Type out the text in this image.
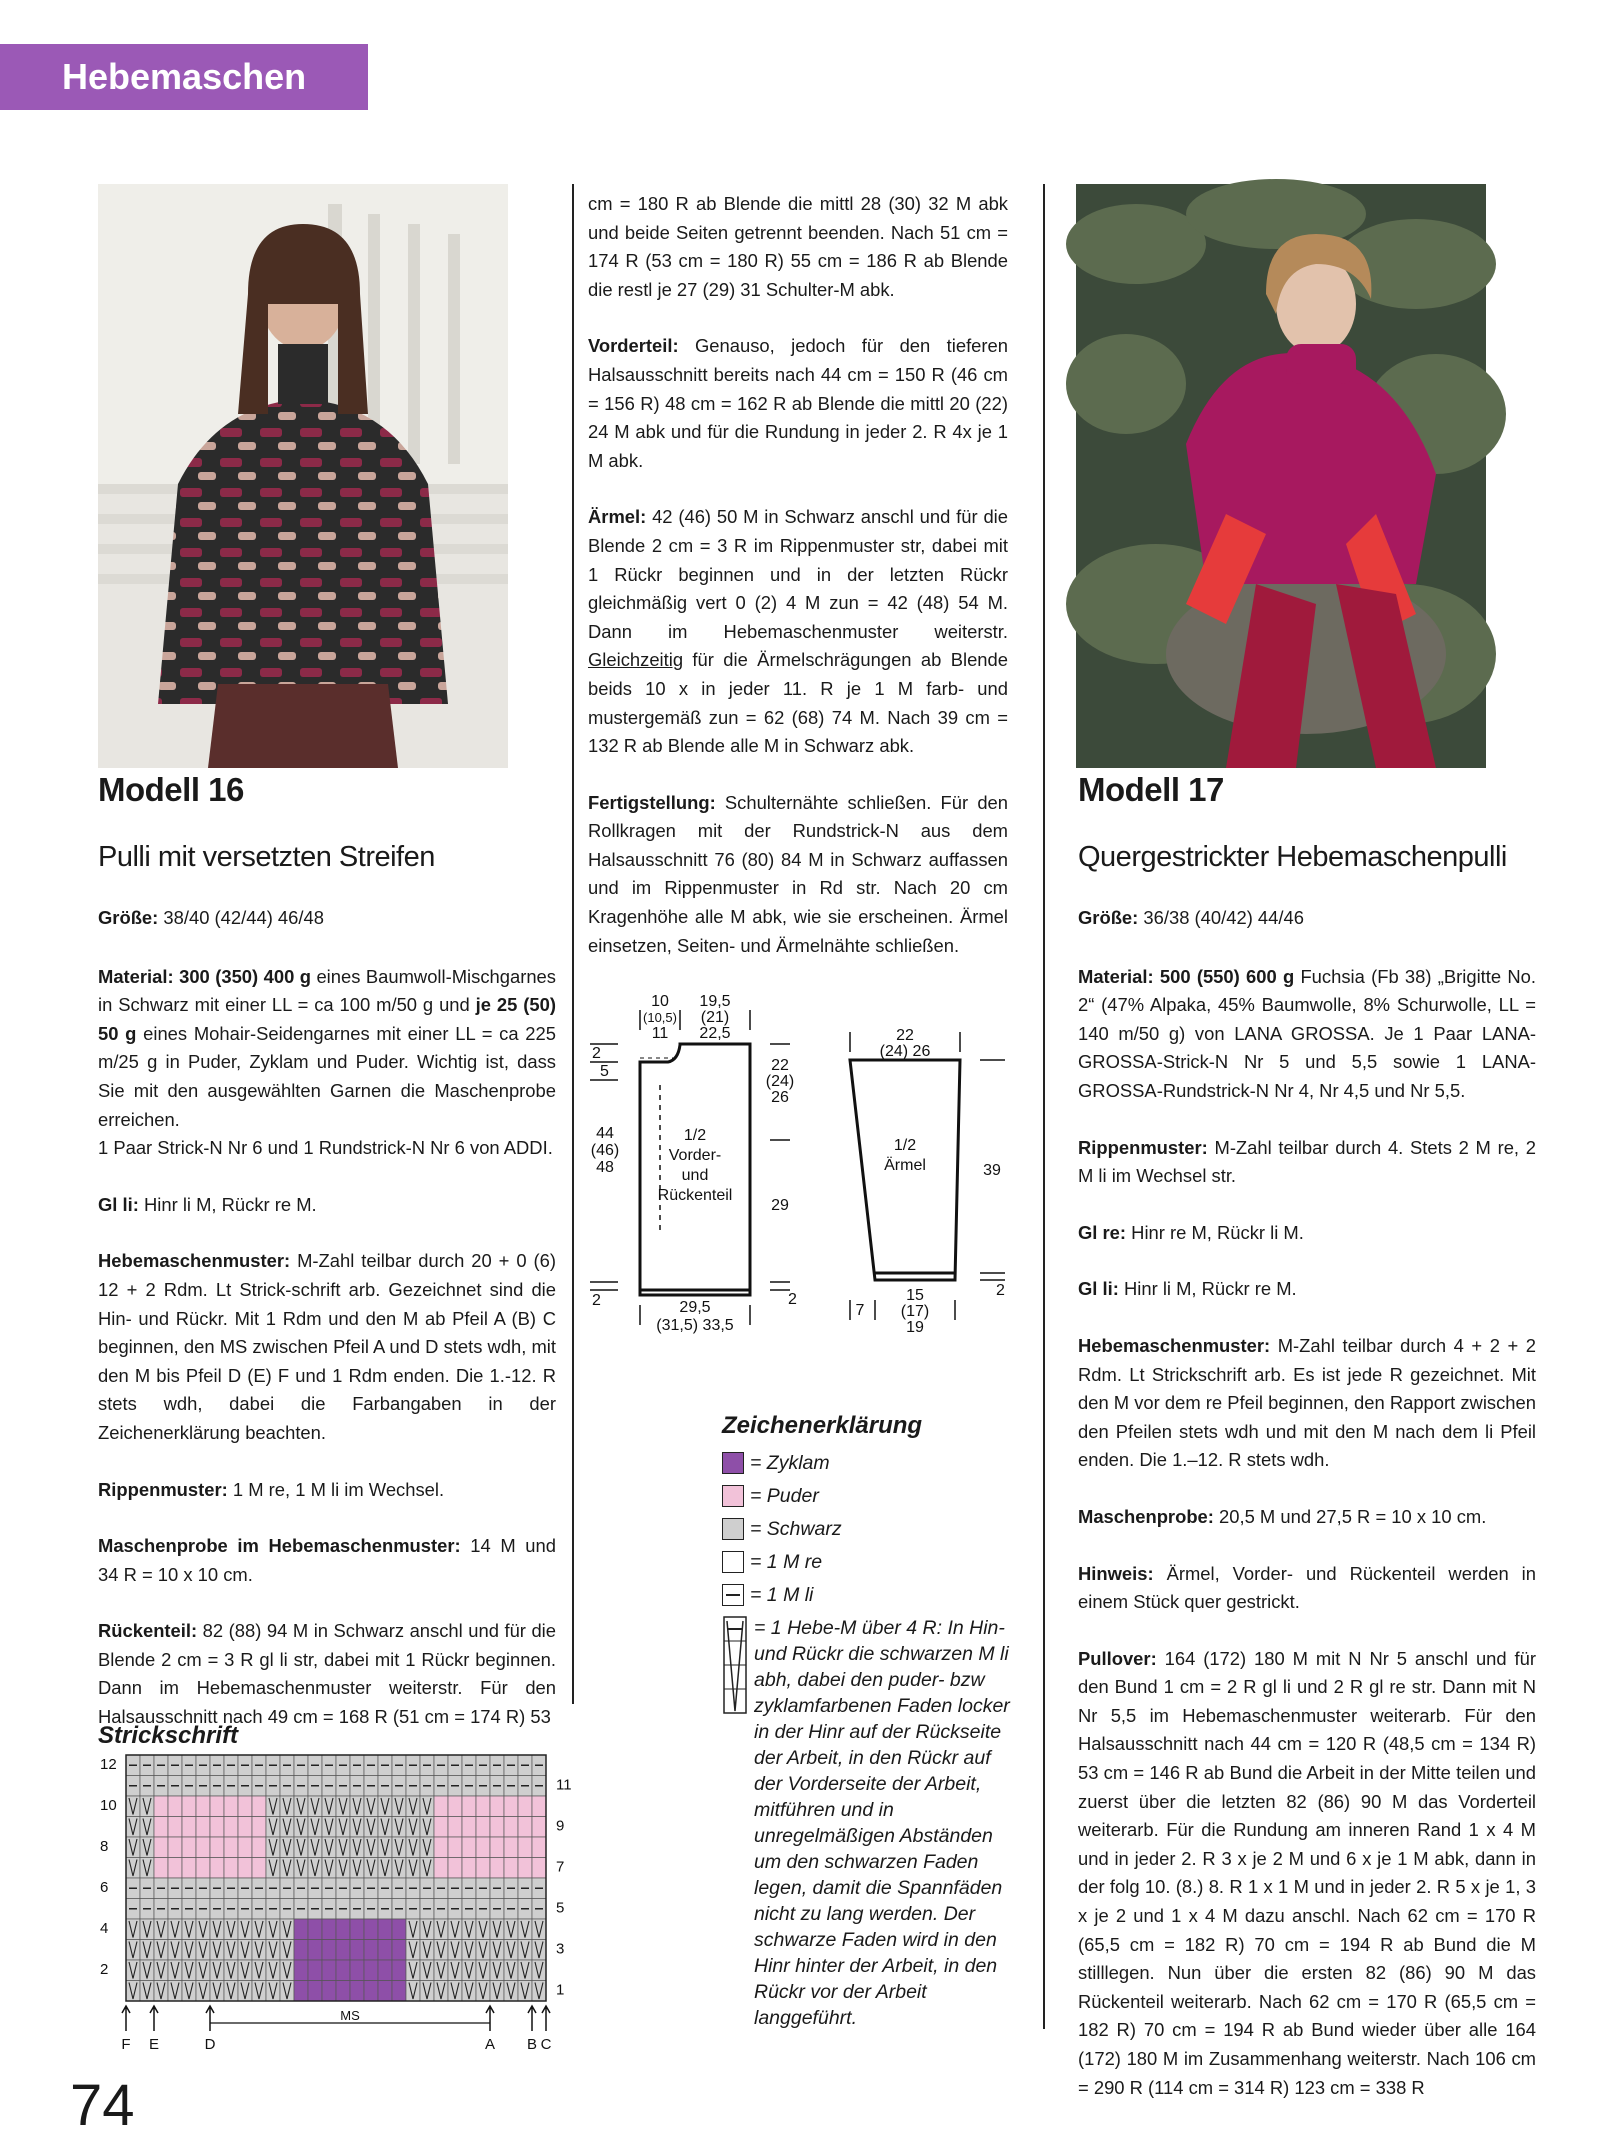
Hebemaschen

Modell 16

Pulli mit versetzten Streifen

Größe: 38/40 (42/44) 46/48

Material: 300 (350) 400 g eines Baumwoll-Mischgarnes in Schwarz mit einer LL = ca 100 m/50 g und je 25 (50) 50 g eines Mohair-Seidengarnes mit einer LL = ca 225 m/25 g in Puder, Zyklam und Puder. Wichtig ist, dass Sie mit den ausgewählten Garnen die Maschenprobe erreichen.

1 Paar Strick-N Nr 6 und 1 Rundstrick-N Nr 6 von ADDI.

Gl li: Hinr li M, Rückr re M.

Hebemaschenmuster: M-Zahl teilbar durch 20 + 0 (6) 12 + 2 Rdm. Lt Strick-schrift arb. Gezeichnet sind die Hin- und Rückr. Mit 1 Rdm und den M ab Pfeil A (B) C beginnen, den MS zwischen Pfeil A und D stets wdh, mit den M bis Pfeil D (E) F und 1 Rdm enden. Die 1.-12. R stets wdh, dabei die Farbangaben in der Zeichenerklärung beachten.

Rippenmuster: 1 M re, 1 M li im Wechsel.

Maschenprobe im Hebemaschenmuster: 14 M und 34 R = 10 x 10 cm.

Rückenteil: 82 (88) 94 M in Schwarz anschl und für die Blende 2 cm = 3 R gl li str, dabei mit 1 Rückr beginnen. Dann im Hebemaschenmuster weiterstr. Für den Halsausschnitt nach 49 cm = 168 R (51 cm = 174 R) 53

cm = 180 R ab Blende die mittl 28 (30) 32 M abk und beide Seiten getrennt beenden. Nach 51 cm = 174 R (53 cm = 180 R) 55 cm = 186 R ab Blende die restl je 27 (29) 31 Schulter-M abk.

Vorderteil: Genauso, jedoch für den tieferen Halsausschnitt bereits nach 44 cm = 150 R (46 cm = 156 R) 48 cm = 162 R ab Blende die mittl 20 (22) 24 M abk und für die Rundung in jeder 2. R 4x je 1 M abk.

Ärmel: 42 (46) 50 M in Schwarz anschl und für die Blende 2 cm = 3 R im Rippenmuster str, dabei mit 1 Rückr beginnen und in der letzten Rückr gleichmäßig vert 0 (2) 4 M zun = 42 (48) 54 M. Dann im Hebemaschenmuster weiterstr. Gleichzeitig für die Ärmelschrägungen ab Blende beids 10 x in jeder 11. R je 1 M farb- und mustergemäß zun = 62 (68) 74 M. Nach 39 cm = 132 R ab Blende alle M in Schwarz abk.

Fertigstellung: Schulternähte schließen. Für den Rollkragen mit der Rundstrick-N aus dem Halsausschnitt 76 (80) 84 M in Schwarz auffassen und im Rippenmuster in Rd str. Nach 20 cm Kragenhöhe alle M abk, wie sie erscheinen. Ärmel einsetzen, Seiten- und Ärmelnähte schließen.

1/2
Vorder-
und
Rückenteil
10
(10,5)
11
19,5
(21)
22,5
2
5
44
(46)
48
2
22
(24)
26
29
2
29,5
(31,5) 33,5
1/2
Ärmel
22
(24) 26
39
2
7
15
(17)
19

Zeichenerklärung

= Zyklam
= Puder
= Schwarz
= 1 M re
= 1 M li
= 1 Hebe-M über 4 R: In Hin- und Rückr die schwarzen M li abh, dabei den puder- bzw zyklamfarbenen Faden locker in der Hinr auf der Rückseite der Arbeit, in den Rückr auf der Vorderseite der Arbeit, mitführen und in unregelmäßigen Abständen um den schwarzen Faden legen, damit die Spannfäden nicht zu lang werden. Der schwarze Faden wird in den Hinr hinter der Arbeit, in den Rückr vor der Arbeit langgeführt.

Strickschrift

12
10
8
6
4
2
11
9
7
5
3
1
F E	D	A B C
MS

Modell 17

Quergestrickter Hebemaschenpulli

Größe: 36/38 (40/42) 44/46

Material: 500 (550) 600 g Fuchsia (Fb 38) „Brigitte No. 2“ (47% Alpaka, 45% Baumwolle, 8% Schurwolle, LL = 140 m/50 g) von LANA GROSSA. Je 1 Paar LANA-GROSSA-Strick-N Nr 5 und 5,5 sowie 1 LANA-GROSSA-Rundstrick-N Nr 4, Nr 4,5 und Nr 5,5.

Rippenmuster: M-Zahl teilbar durch 4. Stets 2 M re, 2 M li im Wechsel str.

Gl re: Hinr re M, Rückr li M.

Gl li: Hinr li M, Rückr re M.

Hebemaschenmuster: M-Zahl teilbar durch 4 + 2 + 2 Rdm. Lt Strickschrift arb. Es ist jede R gezeichnet. Mit den M vor dem re Pfeil beginnen, den Rapport zwischen den Pfeilen stets wdh und mit den M nach dem li Pfeil enden. Die 1.–12. R stets wdh.

Maschenprobe: 20,5 M und 27,5 R = 10 x 10 cm.

Hinweis: Ärmel, Vorder- und Rückenteil werden in einem Stück quer gestrickt.

Pullover: 164 (172) 180 M mit N Nr 5 anschl und für den Bund 1 cm = 2 R gl li und 2 R gl re str. Dann mit N Nr 5,5 im Hebemaschenmuster weiterarb. Für den Halsausschnitt nach 44 cm = 120 R (48,5 cm = 134 R) 53 cm = 146 R ab Bund die Arbeit in der Mitte teilen und zuerst über die letzten 82 (86) 90 M das Vorderteil weiterarb. Für die Rundung am inneren Rand 1 x 4 M und in jeder 2. R 3 x je 2 M und 6 x je 1 M abk, dann in der folg 10. (8.) 8. R 1 x 1 M und in jeder 2. R 5 x je 1, 3 x je 2 und 1 x 4 M dazu anschl. Nach 62 cm = 170 R (65,5 cm = 182 R) 70 cm = 194 R ab Bund die M stilllegen. Nun über die ersten 82 (86) 90 M das Rückenteil weiterarb. Nach 62 cm = 170 R (65,5 cm = 182 R) 70 cm = 194 R ab Bund wieder über alle 164 (172) 180 M im Zusammenhang weiterstr. Nach 106 cm = 290 R (114 cm = 314 R) 123 cm = 338 R

74
